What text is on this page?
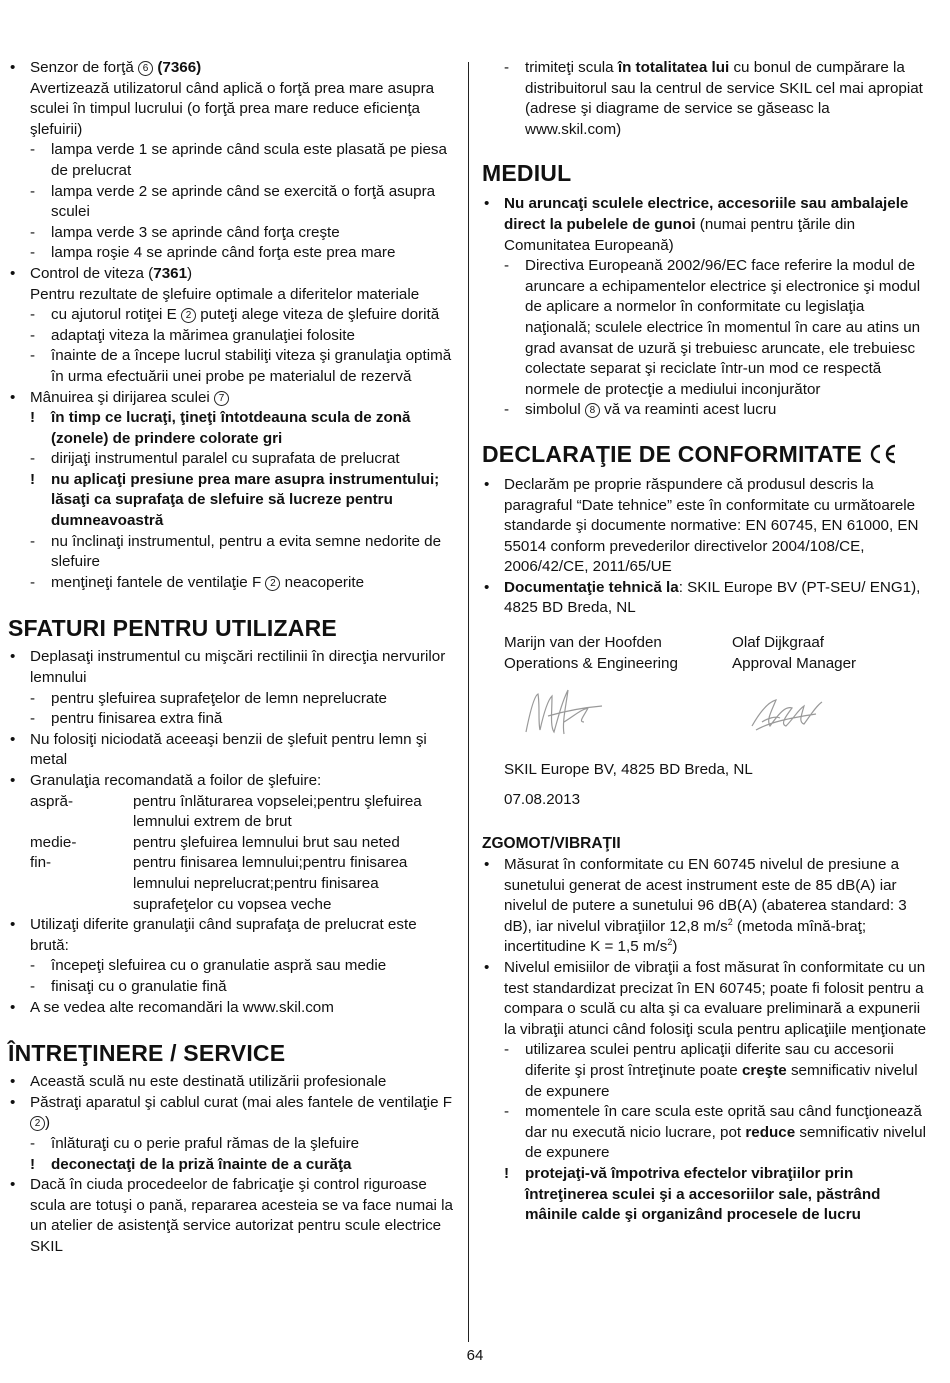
• Senzor de forţă 6 (7366)
Avertizează utilizatorul când aplică o forţă prea mare asupra sculei în timpul lucrului (o forţă prea mare reduce eficienţa şlefuirii)
- lampa verde 1 se aprinde când scula este plasată pe piesa de prelucrat
- lampa verde 2 se aprinde când se exercită o forţă asupra sculei
- lampa verde 3 se aprinde când forţa creşte
- lampa roşie 4 se aprinde când forţa este prea mare
• Control de viteza (7361)
Pentru rezultate de şlefuire optimale a diferitelor materiale
- cu ajutorul rotiţei E 2 puteţi alege viteza de şlefuire dorită
- adaptaţi viteza la mărimea granulaţiei folosite
- înainte de a începe lucrul stabiliţi viteza şi granulaţia optimă în urma efectuării unei probe pe materialul de rezervă
• Mânuirea şi dirijarea sculei 7
! în timp ce lucraţi, ţineţi întotdeauna scula de zonă (zonele) de prindere colorate gri
- dirijaţi instrumentul paralel cu suprafata de prelucrat
! nu aplicaţi presiune prea mare asupra instrumentului; lăsaţi ca suprafaţa de slefuire să lucreze pentru dumneavoastră
- nu înclinaţi instrumentul, pentru a evita semne nedorite de slefuire
- menţineţi fantele de ventilaţie F 2 neacoperite
SFATURI PENTRU UTILIZARE
• Deplasaţi instrumentul cu mişcări rectilinii în direcţia nervurilor lemnului
- pentru şlefuirea suprafeţelor de lemn neprelucrate
- pentru finisarea extra fină
• Nu folosiţi niciodată aceeaşi benzii de şlefuit pentru lemn şi metal
• Granulaţia recomandată a foilor de şlefuire:
aspră-	pentru înlăturarea vopselei;pentru şlefuirea lemnului extrem de brut
medie-	pentru şlefuirea lemnului brut sau neted
fin-	pentru finisarea lemnului;pentru finisarea lemnului neprelucrat;pentru finisarea suprafeţelor cu vopsea veche
• Utilizaţi diferite granulaţii când suprafaţa de prelucrat este brută:
- începeţi slefuirea cu o granulatie aspră sau medie
- finisaţi cu o granulatie fină
• A se vedea alte recomandări la www.skil.com
ÎNTREŢINERE / SERVICE
• Această sculă nu este destinată utilizării profesionale
• Păstraţi aparatul şi cablul curat (mai ales fantele de ventilaţie F 2 )
- înlăturaţi cu o perie praful rămas de la şlefuire
! deconectaţi de la priză înainte de a curăţa
• Dacă în ciuda procedeelor de fabricaţie şi control riguroase scula are totuşi o pană, repararea acesteia se va face numai la un atelier de asistenţă service autorizat pentru scule electrice SKIL
- trimiteţi scula în totalitatea lui cu bonul de cumpărare la distribuitorul sau la centrul de service SKIL cel mai apropiat (adrese şi diagrame de service se găseasc la www.skil.com)
MEDIUL
• Nu aruncaţi sculele electrice, accesoriile sau ambalajele direct la pubelele de gunoi (numai pentru ţările din Comunitatea Europeană)
- Directiva Europeană 2002/96/EC face referire la modul de aruncare a echipamentelor electrice şi electronice şi modul de aplicare a normelor în conformitate cu legislaţia naţională; sculele electrice în momentul în care au atins un grad avansat de uzură şi trebuiesc aruncate, ele trebuiesc colectate separat şi reciclate într-un mod ce respectă normele de protecţie a mediului inconjurător
- simbolul 8 vă va reaminti acest lucru
DECLARAŢIE DE CONFORMITATE
• Declarăm pe proprie răspundere că produsul descris la paragraful “Date tehnice” este în conformitate cu următoarele standarde şi documente normative: EN 60745, EN 61000, EN 55014 conform prevederilor directivelor 2004/108/CE, 2006/42/CE, 2011/65/UE
• Documentaţie tehnică la: SKIL Europe BV (PT-SEU/ ENG1), 4825 BD Breda, NL
Marijn van der Hoofden
Operations & Engineering
Olaf Dijkgraaf
Approval Manager
SKIL Europe BV, 4825 BD Breda, NL
07.08.2013
ZGOMOT/VIBRAŢII
• Măsurat în conformitate cu EN 60745 nivelul de presiune a sunetului generat de acest instrument este de 85 dB(A) iar nivelul de putere a sunetului 96 dB(A) (abaterea standard: 3 dB), iar nivelul vibraţiilor 12,8 $m/s^2$ (metoda mînă-braţ; incertitudine K = 1,5 $m/s^2$)
• Nivelul emisiilor de vibraţii a fost măsurat în conformitate cu un test standardizat precizat în EN 60745; poate fi folosit pentru a compara o sculă cu alta şi ca evaluare preliminară a expunerii la vibraţii atunci când folosiţi scula pentru aplicaţiile menţionate
- utilizarea sculei pentru aplicaţii diferite sau cu accesorii diferite şi prost întreţinute poate creşte semnificativ nivelul de expunere
- momentele în care scula este oprită sau când funcţionează dar nu execută nicio lucrare, pot reduce semnificativ nivelul de expunere
! protejaţi-vă împotriva efectelor vibraţiilor prin întreţinerea sculei şi a accesoriilor sale, păstrând mâinile calde şi organizând procesele de lucru
64
